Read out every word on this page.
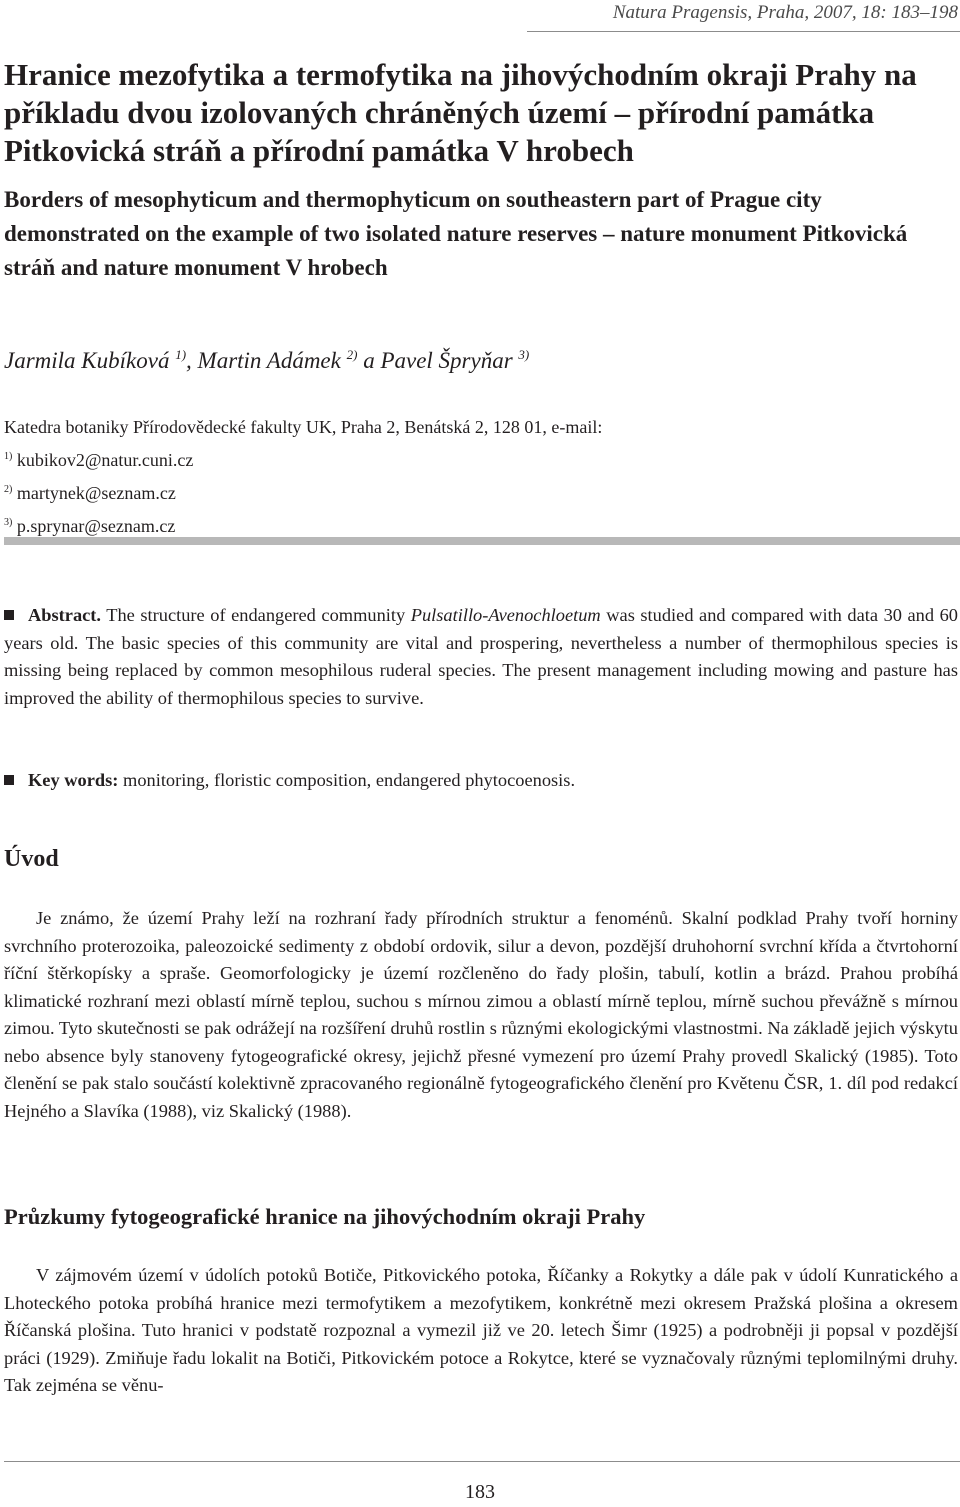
Natura Pragensis, Praha, 2007, 18: 183–198
Hranice mezofytika a termofytika na jihovýchodním okraji Prahy na příkladu dvou izolovaných chráněných území – přírodní památka Pitkovická stráň a přírodní památka V hrobech
Borders of mesophyticum and thermophyticum on southeastern part of Prague city demonstrated on the example of two isolated nature reserves – nature monument Pitkovická stráň and nature monument V hrobech
Jarmila Kubíková $^{1)}$, Martin Adámek $^{2)}$ a Pavel Špryňar $^{3)}$
Katedra botaniky Přírodovědecké fakulty UK, Praha 2, Benátská 2, 128 01, e-mail:
$^{1)}$ kubikov2@natur.cuni.cz
$^{2)}$ martynek@seznam.cz
$^{3)}$ p.sprynar@seznam.cz

Abstract. The structure of endangered community Pulsatillo-Avenochloetum was studied and compared with data 30 and 60 years old. The basic species of this community are vital and prospering, nevertheless a number of thermophilous species is missing being replaced by common mesophilous ruderal species. The present management including mowing and pasture has improved the ability of thermophilous species to survive.

Key words: monitoring, floristic composition, endangered phytocoenosis.

Úvod

Je známo, že území Prahy leží na rozhraní řady přírodních struktur a fenoménů. Skalní podklad Prahy tvoří horniny svrchního proterozoika, paleozoické sedimenty z období ordovik, silur a devon, pozdější druhohorní svrchní křída a čtvrtohorní říční štěrkopísky a spraše. Geomorfologicky je území rozčleněno do řady plošin, tabulí, kotlin a brázd. Prahou probíhá klimatické rozhraní mezi oblastí mírně teplou, suchou s mírnou zimou a oblastí mírně teplou, mírně suchou převážně s mírnou zimou. Tyto skutečnosti se pak odrážejí na rozšíření druhů rostlin s různými ekologickými vlastnostmi. Na základě jejich výskytu nebo absence byly stanoveny fytogeografické okresy, jejichž přesné vymezení pro území Prahy provedl Skalický (1985). Toto členění se pak stalo součástí kolektivně zpracovaného regionálně fytogeografického členění pro Květenu ČSR, 1. díl pod redakcí Hejného a Slavíka (1988), viz Skalický (1988).

Průzkumy fytogeografické hranice na jihovýchodním okraji Prahy

V zájmovém území v údolích potoků Botiče, Pitkovického potoka, Říčanky a Rokytky a dále pak v údolí Kunratického a Lhoteckého potoka probíhá hranice mezi termofytikem a mezofytikem, konkrétně mezi okresem Pražská plošina a okresem Říčanská plošina. Tuto hranici v podstatě rozpoznal a vymezil již ve 20. letech Šimr (1925) a podrobněji ji popsal v pozdější práci (1929). Zmiňuje řadu lokalit na Botiči, Pitkovickém potoce a Rokytce, které se vyznačovaly různými teplomilnými druhy. Tak zejména se věnu-

183
